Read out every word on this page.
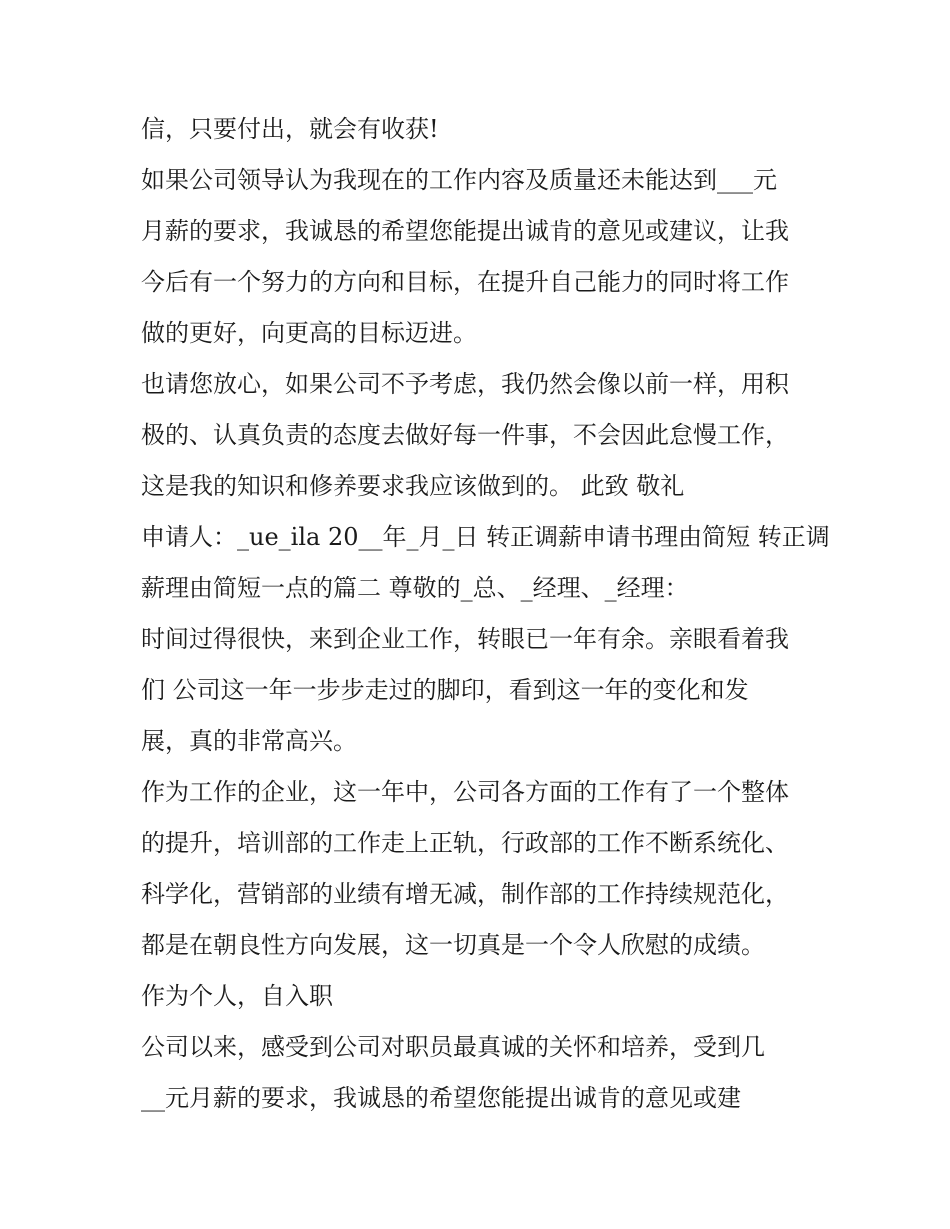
信，只要付出，就会有收获!
如果公司领导认为我现在的工作内容及质量还未能达到___元
月薪的要求，我诚恳的希望您能提出诚肯的意见或建议，让我
今后有一个努力的方向和目标，在提升自己能力的同时将工作
做的更好，向更高的目标迈进。
也请您放心，如果公司不予考虑，我仍然会像以前一样，用积
极的、认真负责的态度去做好每一件事，不会因此怠慢工作，
这是我的知识和修养要求我应该做到的。 此致 敬礼
申请人：_ue_ila 20__年_月_日 转正调薪申请书理由简短 转正调
薪理由简短一点的篇二 尊敬的_总、_经理、_经理：
时间过得很快，来到企业工作，转眼已一年有余。亲眼看着我
们 公司这一年一步步走过的脚印，看到这一年的变化和发
展，真的非常高兴。
作为工作的企业，这一年中，公司各方面的工作有了一个整体
的提升，培训部的工作走上正轨，行政部的工作不断系统化、
科学化，营销部的业绩有增无减，制作部的工作持续规范化，
都是在朝良性方向发展，这一切真是一个令人欣慰的成绩。
作为个人，自入职
公司以来，感受到公司对职员最真诚的关怀和培养，受到几
__元月薪的要求，我诚恳的希望您能提出诚肯的意见或建
